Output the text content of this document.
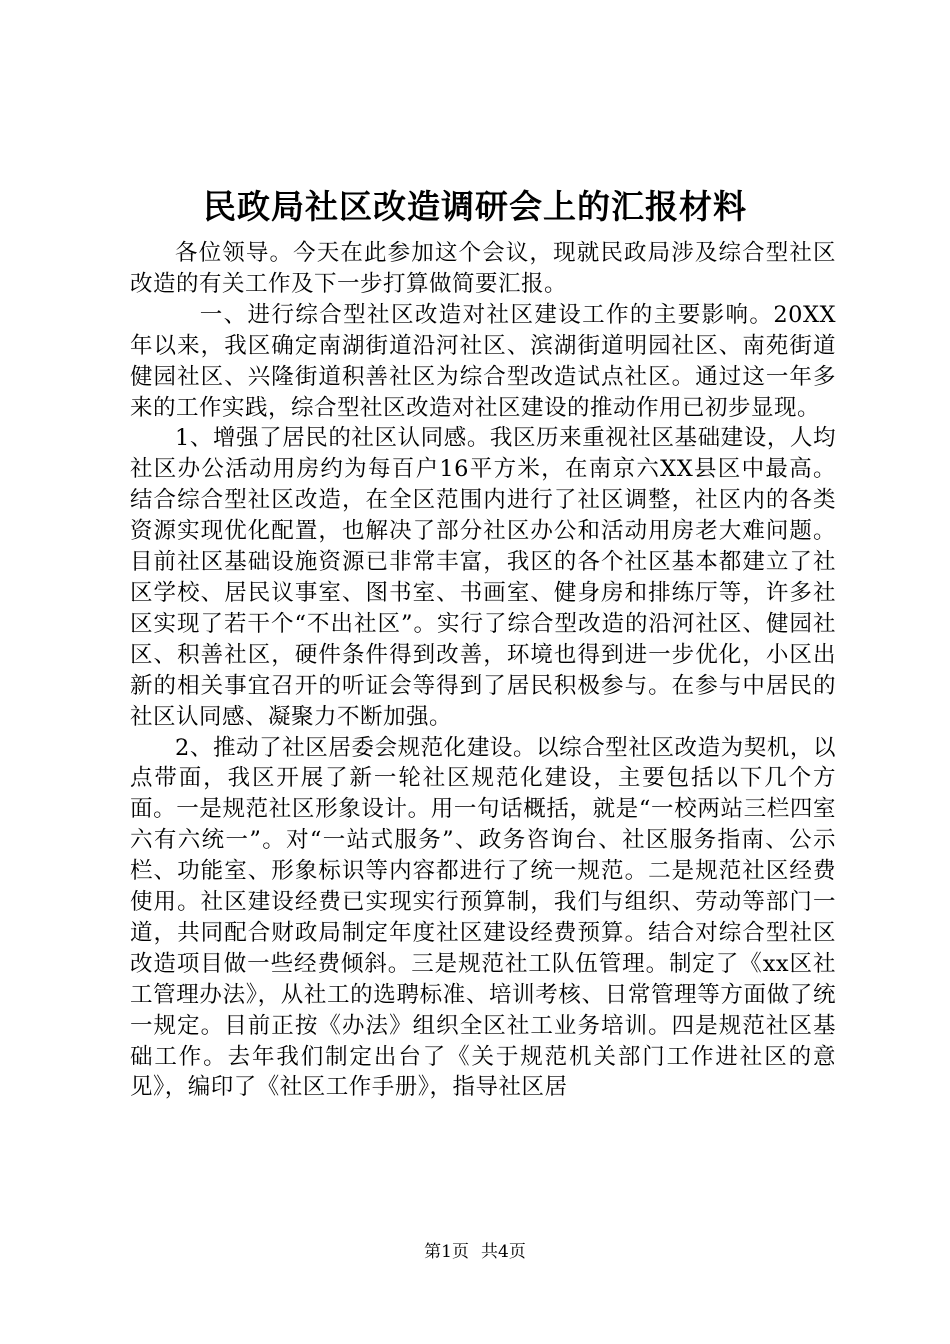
民政局社区改造调研会上的汇报材料

各位领导。今天在此参加这个会议，现就民政局涉及综合型社区改造的有关工作及下一步打算做简要汇报。

一、进行综合型社区改造对社区建设工作的主要影响。20XX年以来，我区确定南湖街道沿河社区、滨湖街道明园社区、南苑街道健园社区、兴隆街道积善社区为综合型改造试点社区。通过这一年多来的工作实践，综合型社区改造对社区建设的推动作用已初步显现。

1、增强了居民的社区认同感。我区历来重视社区基础建设，人均社区办公活动用房约为每百户16平方米，在南京六XX县区中最高。结合综合型社区改造，在全区范围内进行了社区调整，社区内的各类资源实现优化配置，也解决了部分社区办公和活动用房老大难问题。目前社区基础设施资源已非常丰富，我区的各个社区基本都建立了社区学校、居民议事室、图书室、书画室、健身房和排练厅等，许多社区实现了若干个“不出社区”。实行了综合型改造的沿河社区、健园社区、积善社区，硬件条件得到改善，环境也得到进一步优化，小区出新的相关事宜召开的听证会等得到了居民积极参与。在参与中居民的社区认同感、凝聚力不断加强。

2、推动了社区居委会规范化建设。以综合型社区改造为契机，以点带面，我区开展了新一轮社区规范化建设，主要包括以下几个方面。一是规范社区形象设计。用一句话概括，就是“一校两站三栏四室六有六统一”。对“一站式服务”、政务咨询台、社区服务指南、公示栏、功能室、形象标识等内容都进行了统一规范。二是规范社区经费使用。社区建设经费已实现实行预算制，我们与组织、劳动等部门一道，共同配合财政局制定年度社区建设经费预算。结合对综合型社区改造项目做一些经费倾斜。三是规范社工队伍管理。制定了《xx区社工管理办法》，从社工的选聘标准、培训考核、日常管理等方面做了统一规定。目前正按《办法》组织全区社工业务培训。四是规范社区基础工作。去年我们制定出台了《关于规范机关部门工作进社区的意见》，编印了《社区工作手册》，指导社区居

第1页 共4页
